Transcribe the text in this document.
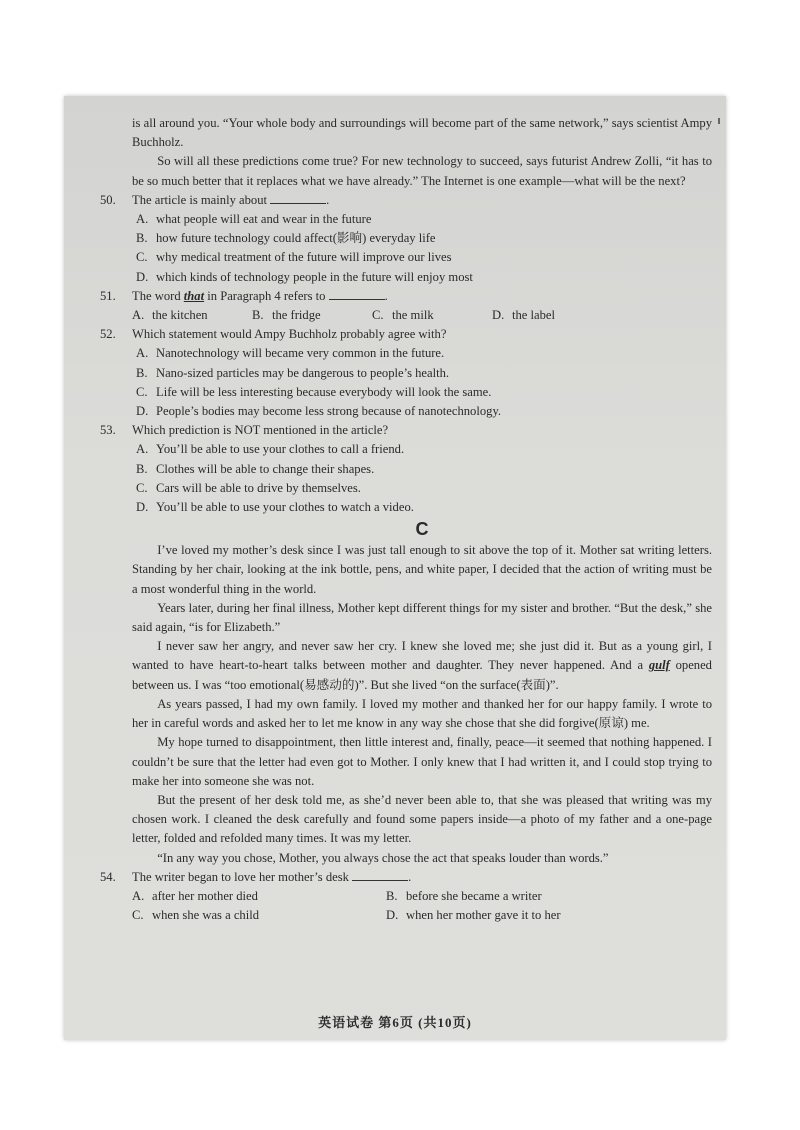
is all around you. “Your whole body and surroundings will become part of the same network,” says scientist Ampy Buchholz.

So will all these predictions come true? For new technology to succeed, says futurist Andrew Zolli, “it has to be so much better that it replaces what we have already.” The Internet is one example—what will be the next?

50. The article is mainly about	.
A. what people will eat and wear in the future
B. how future technology could affect(影响) everyday life
C. why medical treatment of the future will improve our lives
D. which kinds of technology people in the future will enjoy most
51. The word that in Paragraph 4 refers to	.
A. the kitchen	B. the fridge	C. the milk	D. the label
52. Which statement would Ampy Buchholz probably agree with?
A. Nanotechnology will became very common in the future.
B. Nano-sized particles may be dangerous to people’s health.
C. Life will be less interesting because everybody will look the same.
D. People’s bodies may become less strong because of nanotechnology.
53. Which prediction is NOT mentioned in the article?
A. You’ll be able to use your clothes to call a friend.
B. Clothes will be able to change their shapes.
C. Cars will be able to drive by themselves.
D. You’ll be able to use your clothes to watch a video.
C

I’ve loved my mother’s desk since I was just tall enough to sit above the top of it. Mother sat writing letters. Standing by her chair, looking at the ink bottle, pens, and white paper, I decided that the action of writing must be a most wonderful thing in the world.

Years later, during her final illness, Mother kept different things for my sister and brother. “But the desk,” she said again, “is for Elizabeth.”

I never saw her angry, and never saw her cry. I knew she loved me; she just did it. But as a young girl, I wanted to have heart-to-heart talks between mother and daughter. They never happened. And a gulf opened between us. I was “too emotional(易感动的)”. But she lived “on the surface(表面)”.

As years passed, I had my own family. I loved my mother and thanked her for our happy family. I wrote to her in careful words and asked her to let me know in any way she chose that she did forgive(原谅) me.

My hope turned to disappointment, then little interest and, finally, peace—it seemed that nothing happened. I couldn’t be sure that the letter had even got to Mother. I only knew that I had written it, and I could stop trying to make her into someone she was not.

But the present of her desk told me, as she’d never been able to, that she was pleased that writing was my chosen work. I cleaned the desk carefully and found some papers inside—a photo of my father and a one-page letter, folded and refolded many times. It was my letter.

“In any way you chose, Mother, you always chose the act that speaks louder than words.”

54. The writer began to love her mother’s desk	.
A. after her mother died	B. before she became a writer
C. when she was a child	D. when her mother gave it to her
英语试卷 第6页 (共10页)
